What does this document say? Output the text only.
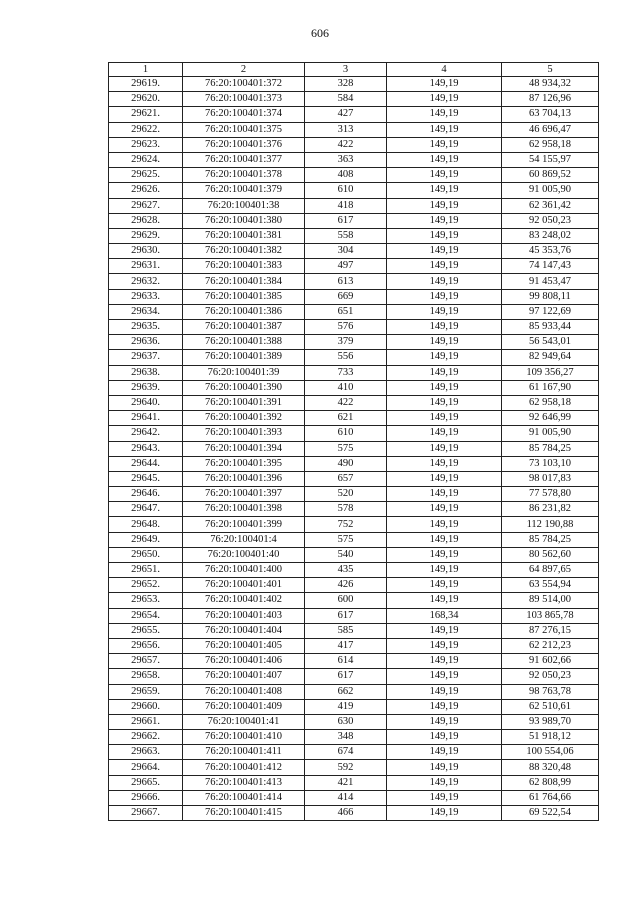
606
1	2	3	4	5
29619.	76:20:100401:372	328	149,19	48 934,32
29620.	76:20:100401:373	584	149,19	87 126,96
29621.	76:20:100401:374	427	149,19	63 704,13
29622.	76:20:100401:375	313	149,19	46 696,47
29623.	76:20:100401:376	422	149,19	62 958,18
29624.	76:20:100401:377	363	149,19	54 155,97
29625.	76:20:100401:378	408	149,19	60 869,52
29626.	76:20:100401:379	610	149,19	91 005,90
29627.	76:20:100401:38	418	149,19	62 361,42
29628.	76:20:100401:380	617	149,19	92 050,23
29629.	76:20:100401:381	558	149,19	83 248,02
29630.	76:20:100401:382	304	149,19	45 353,76
29631.	76:20:100401:383	497	149,19	74 147,43
29632.	76:20:100401:384	613	149,19	91 453,47
29633.	76:20:100401:385	669	149,19	99 808,11
29634.	76:20:100401:386	651	149,19	97 122,69
29635.	76:20:100401:387	576	149,19	85 933,44
29636.	76:20:100401:388	379	149,19	56 543,01
29637.	76:20:100401:389	556	149,19	82 949,64
29638.	76:20:100401:39	733	149,19	109 356,27
29639.	76:20:100401:390	410	149,19	61 167,90
29640.	76:20:100401:391	422	149,19	62 958,18
29641.	76:20:100401:392	621	149,19	92 646,99
29642.	76:20:100401:393	610	149,19	91 005,90
29643.	76:20:100401:394	575	149,19	85 784,25
29644.	76:20:100401:395	490	149,19	73 103,10
29645.	76:20:100401:396	657	149,19	98 017,83
29646.	76:20:100401:397	520	149,19	77 578,80
29647.	76:20:100401:398	578	149,19	86 231,82
29648.	76:20:100401:399	752	149,19	112 190,88
29649.	76:20:100401:4	575	149,19	85 784,25
29650.	76:20:100401:40	540	149,19	80 562,60
29651.	76:20:100401:400	435	149,19	64 897,65
29652.	76:20:100401:401	426	149,19	63 554,94
29653.	76:20:100401:402	600	149,19	89 514,00
29654.	76:20:100401:403	617	168,34	103 865,78
29655.	76:20:100401:404	585	149,19	87 276,15
29656.	76:20:100401:405	417	149,19	62 212,23
29657.	76:20:100401:406	614	149,19	91 602,66
29658.	76:20:100401:407	617	149,19	92 050,23
29659.	76:20:100401:408	662	149,19	98 763,78
29660.	76:20:100401:409	419	149,19	62 510,61
29661.	76:20:100401:41	630	149,19	93 989,70
29662.	76:20:100401:410	348	149,19	51 918,12
29663.	76:20:100401:411	674	149,19	100 554,06
29664.	76:20:100401:412	592	149,19	88 320,48
29665.	76:20:100401:413	421	149,19	62 808,99
29666.	76:20:100401:414	414	149,19	61 764,66
29667.	76:20:100401:415	466	149,19	69 522,54
